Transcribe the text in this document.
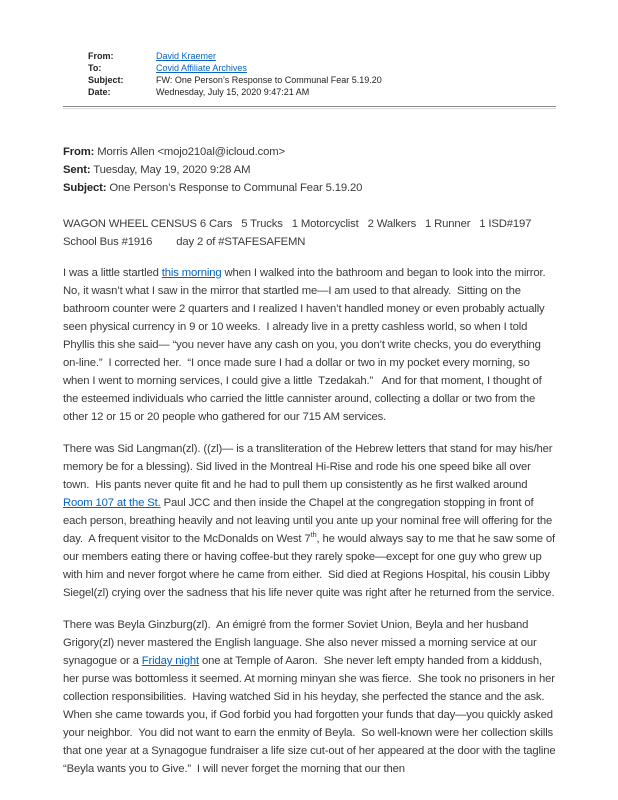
From:	David Kraemer
To:	Covid Affiliate Archives
Subject:	FW: One Person’s Response to Communal Fear 5.19.20
Date:	Wednesday, July 15, 2020 9:47:21 AM
From: Morris Allen <mojo210al@icloud.com>
Sent: Tuesday, May 19, 2020 9:28 AM
Subject: One Person’s Response to Communal Fear 5.19.20
WAGON WHEEL CENSUS 6 Cars   5 Trucks   1 Motorcyclist   2 Walkers   1 Runner   1 ISD#197 School Bus #1916        day 2 of #STAFESAFEMN

I was a little startled this morning when I walked into the bathroom and began to look into the mirror.  No, it wasn’t what I saw in the mirror that startled me—I am used to that already.  Sitting on the bathroom counter were 2 quarters and I realized I haven’t handled money or even probably actually seen physical currency in 9 or 10 weeks.  I already live in a pretty cashless world, so when I told Phyllis this she said— “you never have any cash on you, you don’t write checks, you do everything on-line.”  I corrected her.  “I once made sure I had a dollar or two in my pocket every morning, so when I went to morning services, I could give a little  Tzedakah.”   And for that moment, I thought of the esteemed individuals who carried the little cannister around, collecting a dollar or two from the other 12 or 15 or 20 people who gathered for our 715 AM services.

There was Sid Langman(zl). ((zl)— is a transliteration of the Hebrew letters that stand for may his/her memory be for a blessing). Sid lived in the Montreal Hi-Rise and rode his one speed bike all over town.  His pants never quite fit and he had to pull them up consistently as he first walked around Room 107 at the St. Paul JCC and then inside the Chapel at the congregation stopping in front of each person, breathing heavily and not leaving until you ante up your nominal free will offering for the day.  A frequent visitor to the McDonalds on West 7th, he would always say to me that he saw some of our members eating there or having coffee-but they rarely spoke—except for one guy who grew up with him and never forgot where he came from either.  Sid died at Regions Hospital, his cousin Libby Siegel(zl) crying over the sadness that his life never quite was right after he returned from the service.

There was Beyla Ginzburg(zl).  An émigré from the former Soviet Union, Beyla and her husband Grigory(zl) never mastered the English language. She also never missed a morning service at our synagogue or a Friday night one at Temple of Aaron.  She never left empty handed from a kiddush, her purse was bottomless it seemed. At morning minyan she was fierce.  She took no prisoners in her collection responsibilities.  Having watched Sid in his heyday, she perfected the stance and the ask.  When she came towards you, if God forbid you had forgotten your funds that day—you quickly asked your neighbor.  You did not want to earn the enmity of Beyla.  So well-known were her collection skills that one year at a Synagogue fundraiser a life size cut-out of her appeared at the door with the tagline “Beyla wants you to Give.”  I will never forget the morning that our then
